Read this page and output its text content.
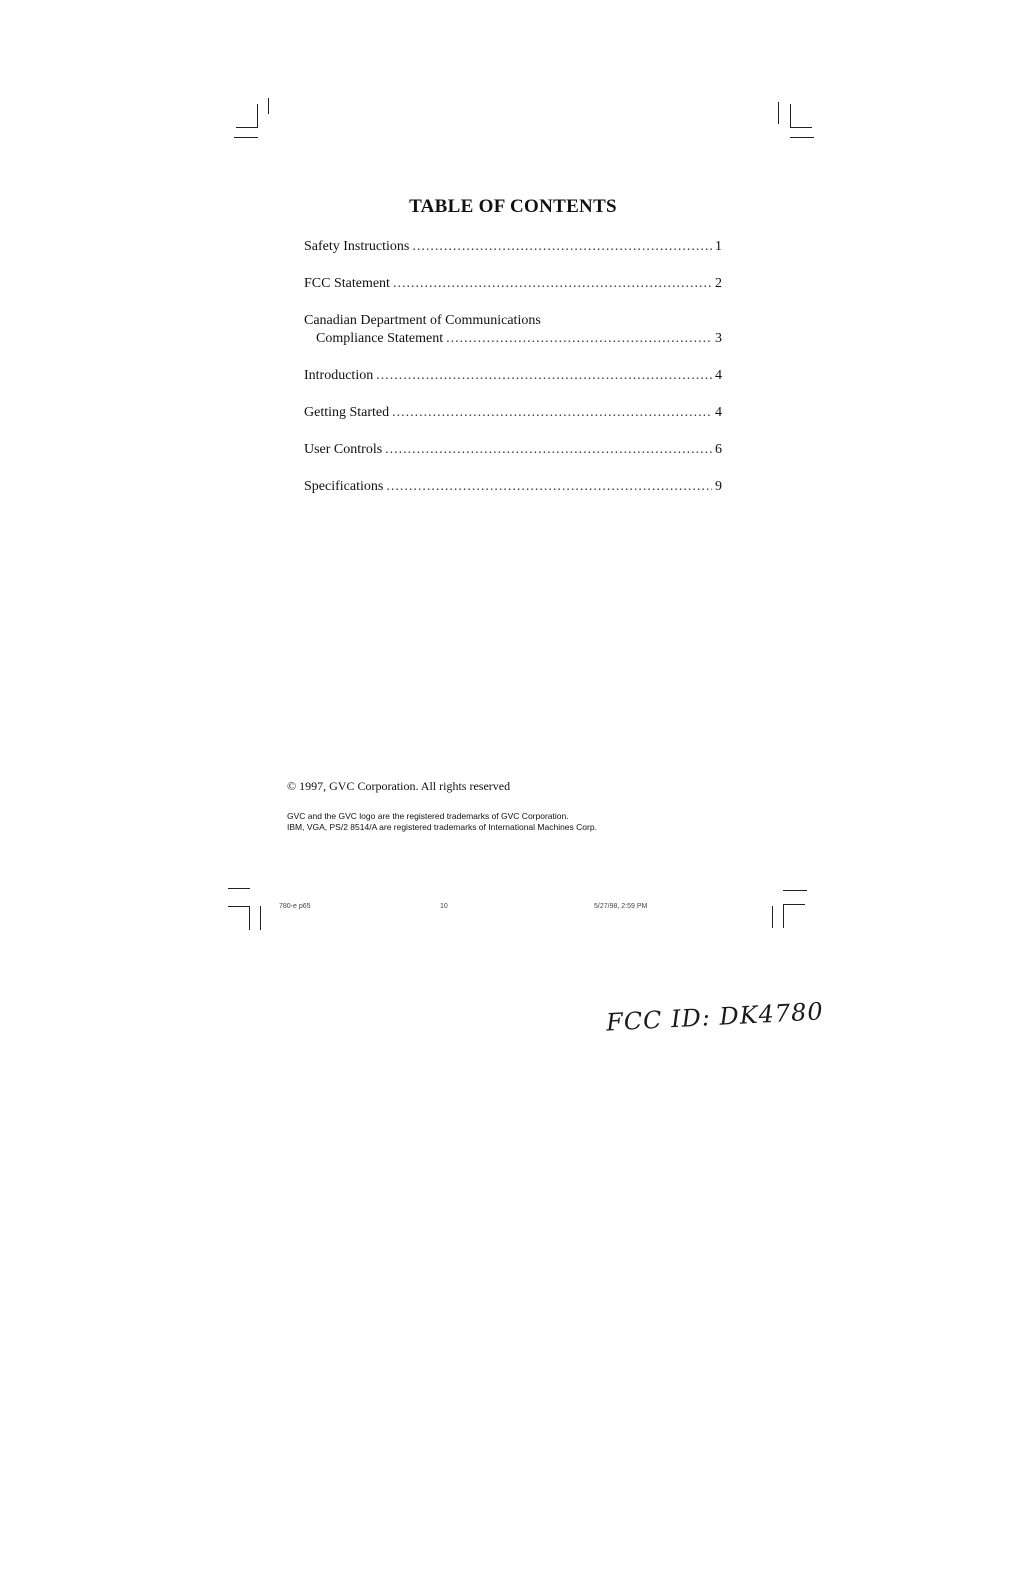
TABLE OF CONTENTS
Safety Instructions .....	1
FCC Statement .....	2
Canadian Department of Communications
Compliance Statement .....	3
Introduction .....	4
Getting Started .....	4
User Controls .....	6
Specifications .....	9
© 1997, GVC Corporation. All rights reserved
GVC and the GVC logo are the registered trademarks of GVC Corporation.
IBM, VGA, PS/2 8514/A are registered trademarks of International Machines Corp.
780-e p65	10	5/27/98, 2:59 PM
FCC ID: DK4780
